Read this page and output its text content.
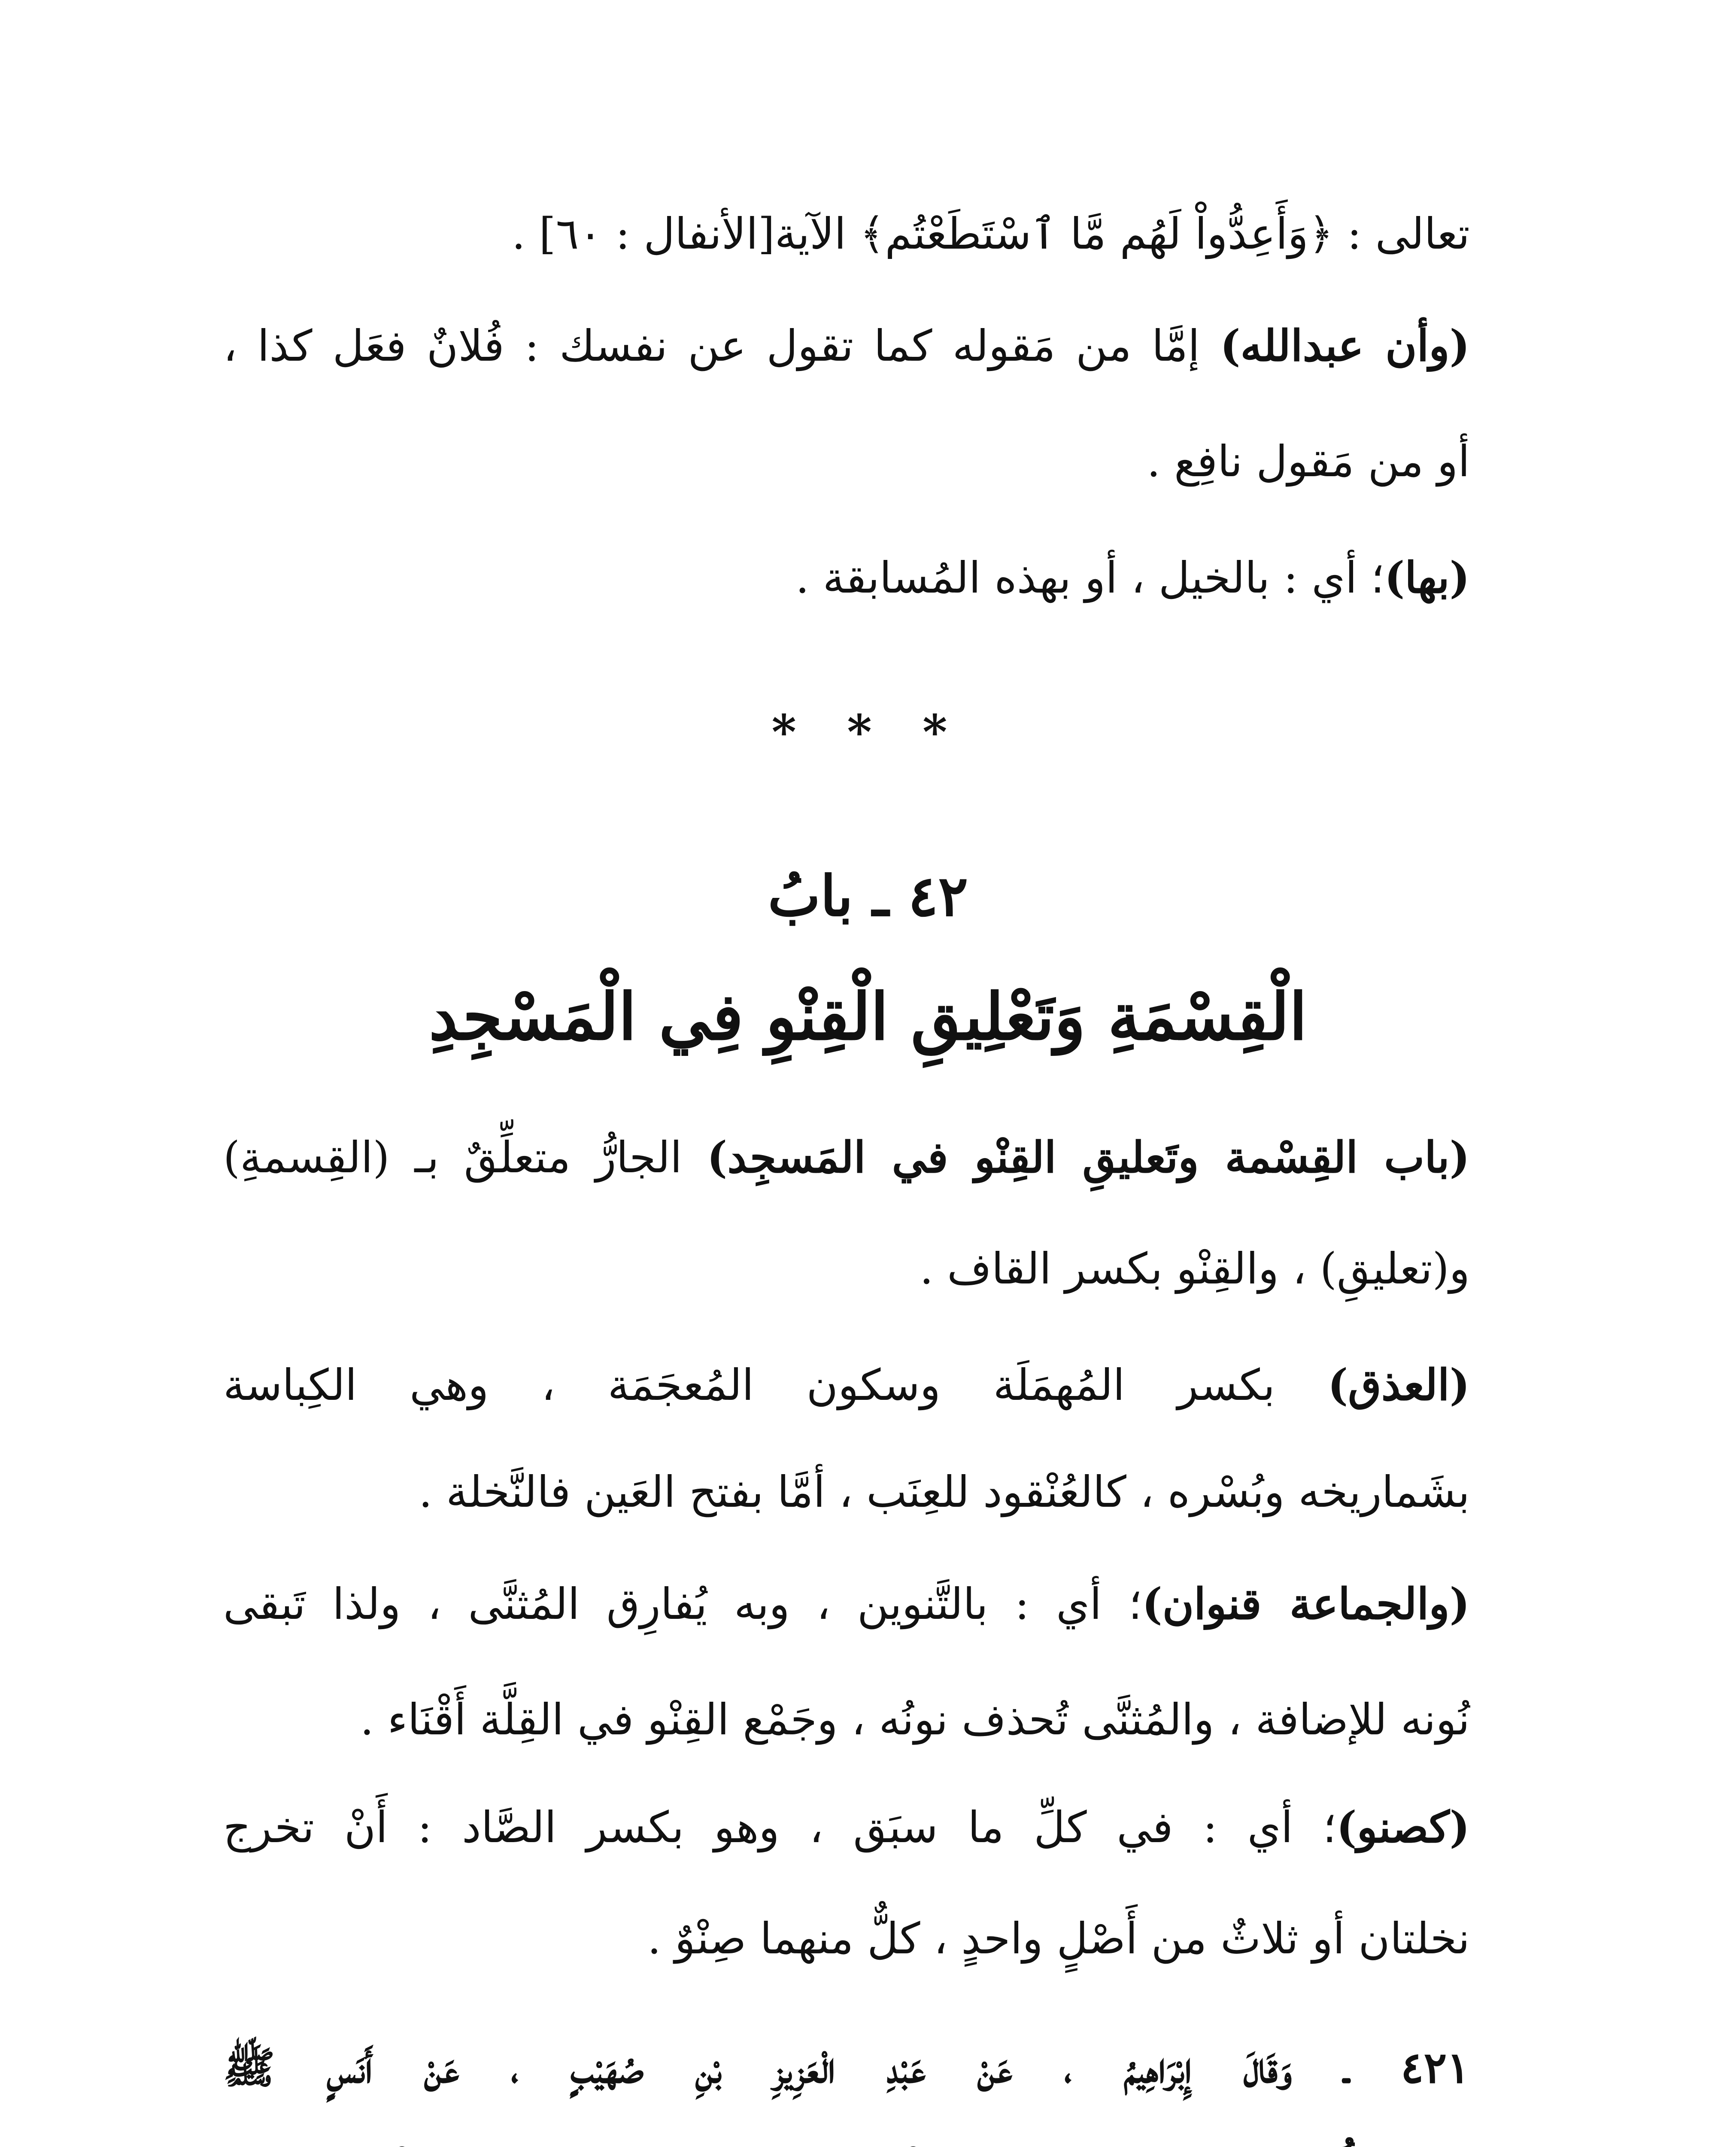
تعالى : ﴿وَأَعِدُّواْ لَهُم مَّا ٱسْتَطَعْتُم﴾ الآية[الأنفال : ٦٠] .
(وأن عبدالله) إمَّا من مَقوله كما تقول عن نفسك : فُلانٌ فعَل كذا ،
أو من مَقول نافِع .
(بها)؛ أي : بالخيل ، أو بهذه المُسابقة .
* * *
٤٢ ـ بابُ
الْقِسْمَةِ وَتَعْلِيقِ الْقِنْوِ فِي الْمَسْجِدِ
(باب القِسْمة وتَعليقِ القِنْو في المَسجِد) الجارُّ متعلِّقٌ بـ (القِسمةِ)
و(تعليقِ) ، والقِنْو بكسر القاف .
(العذق) بكسر المُهمَلَة وسكون المُعجَمَة ، وهي الكِباسة
بشَماريخه وبُسْره ، كالعُنْقود للعِنَب ، أمَّا بفتح العَين فالنَّخلة .
(والجماعة قنوان)؛ أي : بالتَّنوين ، وبه يُفارِق المُثنَّى ، ولذا تَبقى
نُونه للإضافة ، والمُثنَّى تُحذف نونُه ، وجَمْع القِنْو في القِلَّة أَقْنَاء .
(كصنو)؛ أي : في كلِّ ما سبَق ، وهو بكسر الصَّاد : أَنْ تخرج
نخلتان أو ثلاثٌ من أَصْلٍ واحدٍ ، كلٌّ منهما صِنْوٌ .
٤٢١ ـ وَقَالَ إِبْرَاهِيمُ ، عَنْ عَبْدِ الْعَزِيزِ بْنِ صُهَيْبٍ ، عَنْ أَنَسٍ ﷺ
